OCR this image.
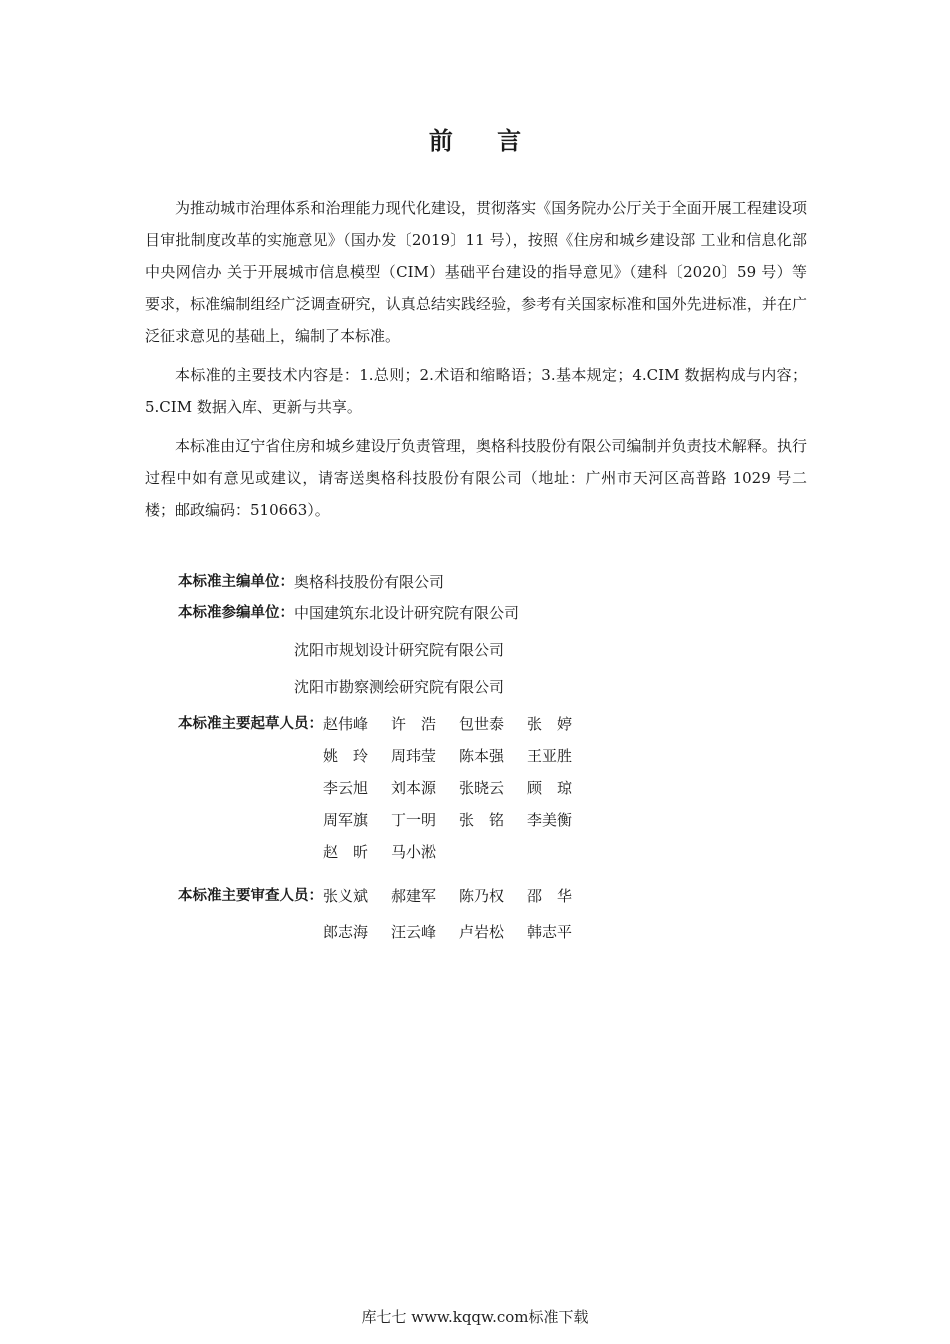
前 言

为推动城市治理体系和治理能力现代化建设，贯彻落实《国务院办公厅关于全面开展工程建设项目审批制度改革的实施意见》（国办发〔2019〕11 号），按照《住房和城乡建设部 工业和信息化部 中央网信办 关于开展城市信息模型（CIM）基础平台建设的指导意见》（建科〔2020〕59 号）等要求，标准编制组经广泛调查研究，认真总结实践经验，参考有关国家标准和国外先进标准，并在广泛征求意见的基础上，编制了本标准。

本标准的主要技术内容是：1.总则；2.术语和缩略语；3.基本规定；4.CIM 数据构成与内容；5.CIM 数据入库、更新与共享。

本标准由辽宁省住房和城乡建设厅负责管理，奥格科技股份有限公司编制并负责技术解释。执行过程中如有意见或建议，请寄送奥格科技股份有限公司（地址：广州市天河区高普路 1029 号二楼；邮政编码：510663）。

本标准主编单位： 奥格科技股份有限公司
本标准参编单位： 中国建筑东北设计研究院有限公司
沈阳市规划设计研究院有限公司
沈阳市勘察测绘研究院有限公司
本标准主要起草人员： 赵伟峰	许　浩	包世泰	张　婷
姚　玲	周玮莹	陈本强	王亚胜
李云旭	刘本源	张晓云	顾　琼
周军旗	丁一明	张　铭	李美衡
赵　昕	马小淞
本标准主要审查人员： 张义斌	郝建军	陈乃权	邵　华
郎志海	汪云峰	卢岩松	韩志平
库七七 www.kqqw.com标准下载
